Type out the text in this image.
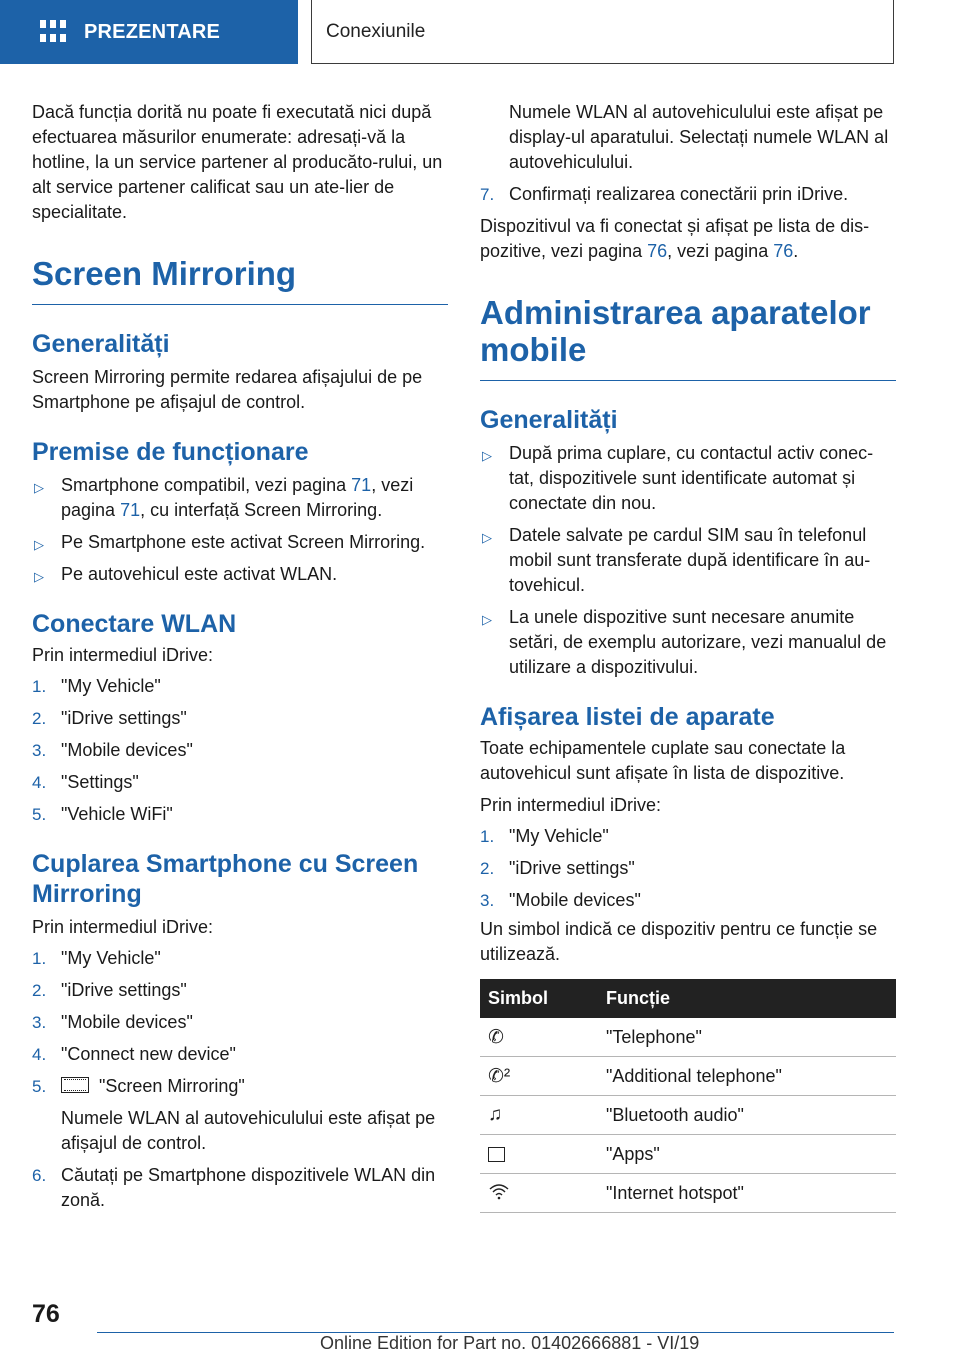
PREZENTARE	Conexiunile

Dacă funcția dorită nu poate fi executată nici după efectuarea măsurilor enumerate: adresați-vă la hotline, la un service partener al producăto-rului, un alt service partener calificat sau un ate-lier de specialitate.

Screen Mirroring
Generalități

Screen Mirroring permite redarea afișajului de pe Smartphone pe afișajul de control.

Premise de funcționare
▷ Smartphone compatibil, vezi pagina 71, vezi pagina 71, cu interfață Screen Mirroring.
▷ Pe Smartphone este activat Screen Mirroring.
▷ Pe autovehicul este activat WLAN.
Conectare WLAN

Prin intermediul iDrive:

1. "My Vehicle"
2. "iDrive settings"
3. "Mobile devices"
4. "Settings"
5. "Vehicle WiFi"
Cuplarea Smartphone cu Screen Mirroring

Prin intermediul iDrive:

1. "My Vehicle"
2. "iDrive settings"
3. "Mobile devices"
4. "Connect new device"
5.	"Screen Mirroring"
Numele WLAN al autovehiculului este afișat pe afișajul de control.
6. Căutați pe Smartphone dispozitivele WLAN din zonă.
Numele WLAN al autovehiculului este afișat pe display-ul aparatului. Selectați numele WLAN al autovehiculului.
7. Confirmați realizarea conectării prin iDrive.

Dispozitivul va fi conectat și afișat pe lista de dis-pozitive, vezi pagina 76, vezi pagina 76.

Administrarea aparatelor mobile
Generalități
▷ După prima cuplare, cu contactul activ conec-tat, dispozitivele sunt identificate automat și conectate din nou.
▷ Datele salvate pe cardul SIM sau în telefonul mobil sunt transferate după identificare în au-tovehicul.
▷ La unele dispozitive sunt necesare anumite setări, de exemplu autorizare, vezi manualul de utilizare a dispozitivului.
Afișarea listei de aparate

Toate echipamentele cuplate sau conectate la autovehicul sunt afișate în lista de dispozitive.

Prin intermediul iDrive:

1. "My Vehicle"
2. "iDrive settings"
3. "Mobile devices"

Un simbol indică ce dispozitiv pentru ce funcție se utilizează.

Simbol	Funcție
✆	"Telephone"
✆²	"Additional telephone"
♫	"Bluetooth audio"
	"Apps"
	"Internet hotspot"
76
Online Edition for Part no. 01402666881 - VI/19
